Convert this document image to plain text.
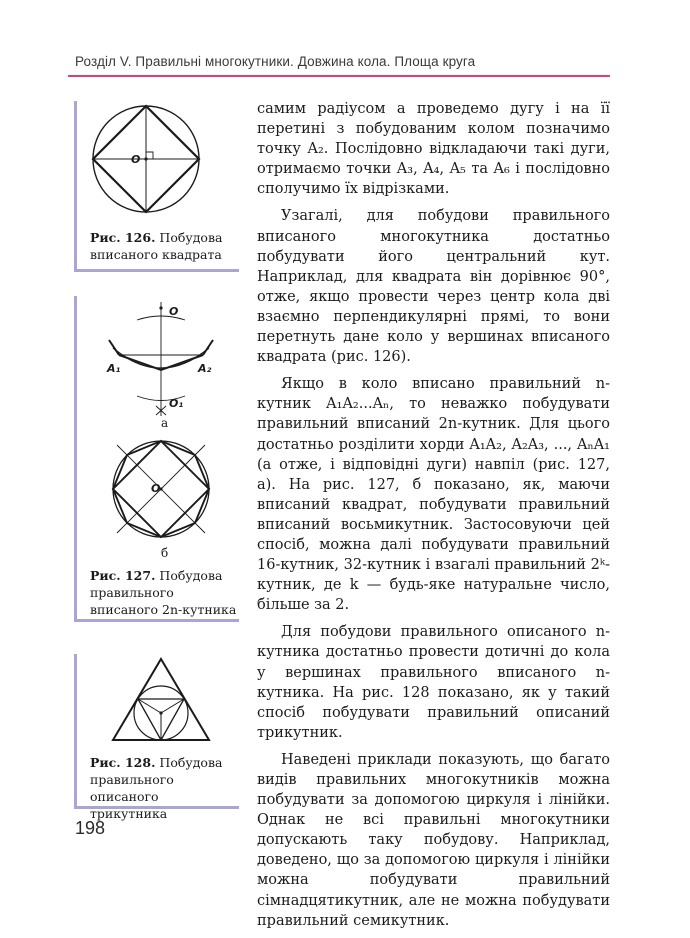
Розділ V. Правильні многокутники. Довжина кола. Площа круга
O
Рис. 126. Побудова вписаного квадрата
O
A₁	A₂
O₁
O
а
б
Рис. 127. Побудова правильного вписаного 2n-кутника
Рис. 128. Побудова правильного описаного трикутника

самим радіусом a проведемо дугу і на її перетині з побудованим колом позначимо точку A₂. Послідовно відкладаючи такі дуги, отримаємо точки A₃, A₄, A₅ та A₆ і послідовно сполучимо їх відрізками.

Узагалі, для побудови правильного вписаного многокутника достатньо побудувати його центральний кут. Наприклад, для квадрата він дорівнює 90°, отже, якщо провести через центр кола дві взаємно перпендикулярні прямі, то вони перетнуть дане коло у вершинах вписаного квадрата (рис. 126).

Якщо в коло вписано правильний n-кутник A₁A₂...Aₙ, то неважко побудувати правильний вписаний 2n-кутник. Для цього достатньо розділити хорди A₁A₂, A₂A₃, ..., AₙA₁ (а отже, і відповідні дуги) навпіл (рис. 127, а). На рис. 127, б показано, як, маючи вписаний квадрат, побудувати правильний вписаний восьмикутник. Застосовуючи цей спосіб, можна далі побудувати правильний 16-кутник, 32-кутник і взагалі правильний 2ᵏ-кутник, де k — будь-яке натуральне число, більше за 2.

Для побудови правильного описаного n-кутника достатньо провести дотичні до кола у вершинах правильного вписаного n-кутника. На рис. 128 показано, як у такий спосіб побудувати правильний описаний трикутник.

Наведені приклади показують, що багато видів правильних многокутників можна побудувати за допомогою циркуля і лінійки. Однак не всі правильні многокутники допускають таку побудову. Наприклад, доведено, що за допомогою циркуля і лінійки можна побудувати правильний сімнадцятикутник, але не можна побудувати правильний семикутник.

198
